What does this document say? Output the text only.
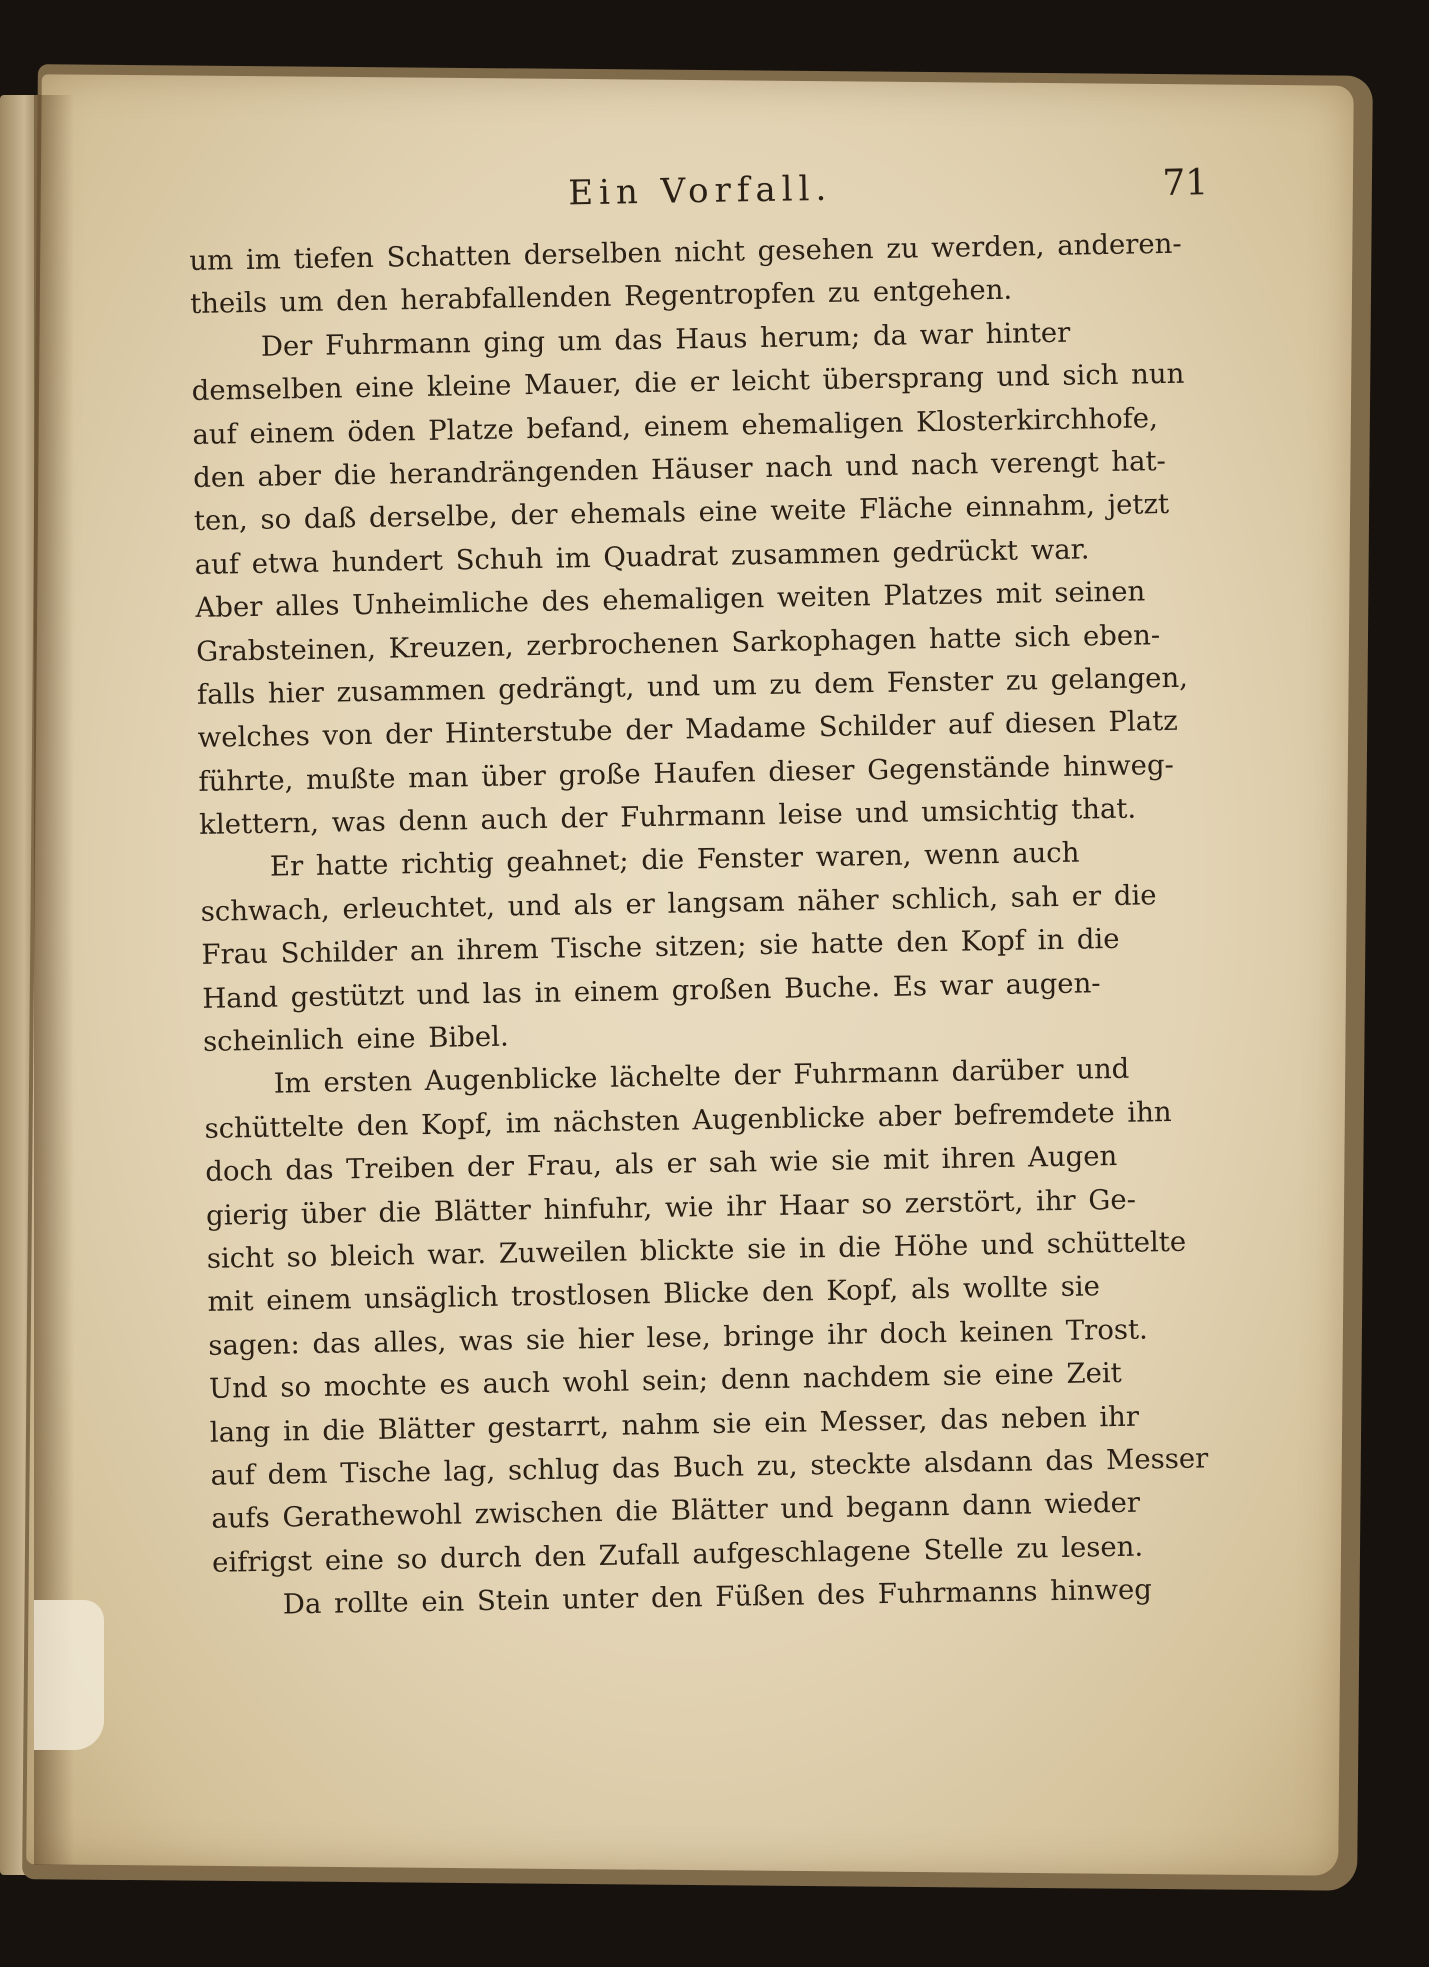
Ein Vorfall.	71
um im tiefen Schatten derselben nicht gesehen zu werden, anderen-
theils um den herabfallenden Regentropfen zu entgehen.
Der Fuhrmann ging um das Haus herum; da war hinter
demselben eine kleine Mauer, die er leicht übersprang und sich nun
auf einem öden Platze befand, einem ehemaligen Klosterkirchhofe,
den aber die herandrängenden Häuser nach und nach verengt hat-
ten, so daß derselbe, der ehemals eine weite Fläche einnahm, jetzt
auf etwa hundert Schuh im Quadrat zusammen gedrückt war.
Aber alles Unheimliche des ehemaligen weiten Platzes mit seinen
Grabsteinen, Kreuzen, zerbrochenen Sarkophagen hatte sich eben-
falls hier zusammen gedrängt, und um zu dem Fenster zu gelangen,
welches von der Hinterstube der Madame Schilder auf diesen Platz
führte, mußte man über große Haufen dieser Gegenstände hinweg-
klettern, was denn auch der Fuhrmann leise und umsichtig that.
Er hatte richtig geahnet; die Fenster waren, wenn auch
schwach, erleuchtet, und als er langsam näher schlich, sah er die
Frau Schilder an ihrem Tische sitzen; sie hatte den Kopf in die
Hand gestützt und las in einem großen Buche. Es war augen-
scheinlich eine Bibel.
Im ersten Augenblicke lächelte der Fuhrmann darüber und
schüttelte den Kopf, im nächsten Augenblicke aber befremdete ihn
doch das Treiben der Frau, als er sah wie sie mit ihren Augen
gierig über die Blätter hinfuhr, wie ihr Haar so zerstört, ihr Ge-
sicht so bleich war. Zuweilen blickte sie in die Höhe und schüttelte
mit einem unsäglich trostlosen Blicke den Kopf, als wollte sie
sagen: das alles, was sie hier lese, bringe ihr doch keinen Trost.
Und so mochte es auch wohl sein; denn nachdem sie eine Zeit
lang in die Blätter gestarrt, nahm sie ein Messer, das neben ihr
auf dem Tische lag, schlug das Buch zu, steckte alsdann das Messer
aufs Gerathewohl zwischen die Blätter und begann dann wieder
eifrigst eine so durch den Zufall aufgeschlagene Stelle zu lesen.
Da rollte ein Stein unter den Füßen des Fuhrmanns hinweg
